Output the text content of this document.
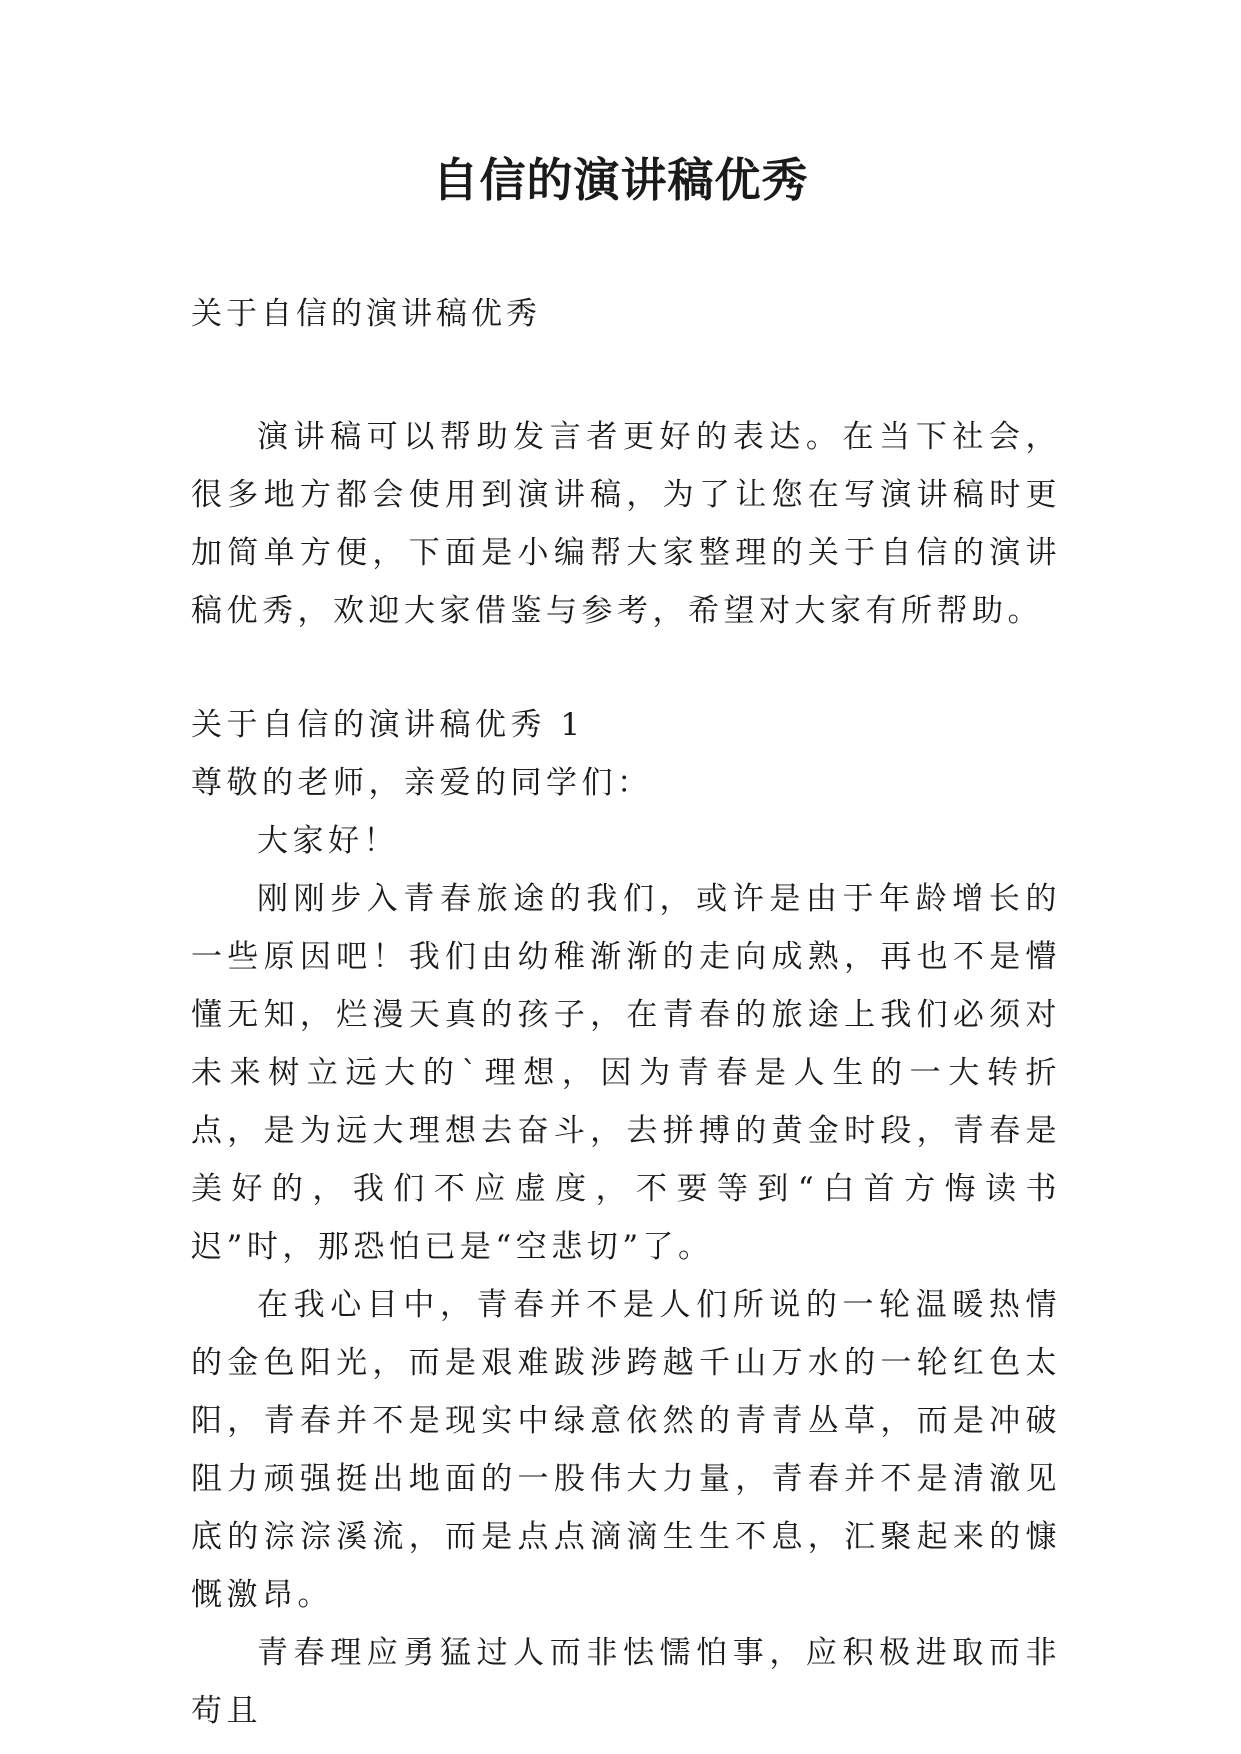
自信的演讲稿优秀

关于自信的演讲稿优秀

演讲稿可以帮助发言者更好的表达。在当下社会，很多地方都会使用到演讲稿，为了让您在写演讲稿时更加简单方便，下面是小编帮大家整理的关于自信的演讲稿优秀，欢迎大家借鉴与参考，希望对大家有所帮助。

关于自信的演讲稿优秀 1

尊敬的老师，亲爱的同学们：

大家好！

刚刚步入青春旅途的我们，或许是由于年龄增长的一些原因吧！我们由幼稚渐渐的走向成熟，再也不是懵懂无知，烂漫天真的孩子，在青春的旅途上我们必须对未来树立远大的`理想，因为青春是人生的一大转折点，是为远大理想去奋斗，去拼搏的黄金时段，青春是美好的，我们不应虚度，不要等到“白首方悔读书迟”时，那恐怕已是“空悲切”了。

在我心目中，青春并不是人们所说的一轮温暖热情的金色阳光，而是艰难跋涉跨越千山万水的一轮红色太阳，青春并不是现实中绿意依然的青青丛草，而是冲破阻力顽强挺出地面的一股伟大力量，青春并不是清澈见底的淙淙溪流，而是点点滴滴生生不息，汇聚起来的慷慨激昂。

青春理应勇猛过人而非怯懦怕事，应积极进取而非苟且
